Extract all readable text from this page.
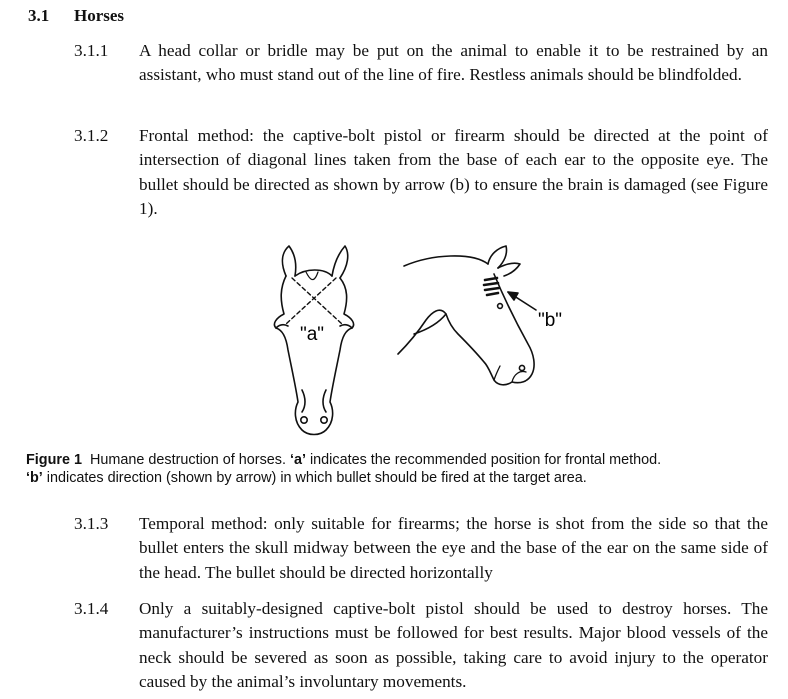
3.1 Horses
3.1.1	A head collar or bridle may be put on the animal to enable it to be restrained by an assistant, who must stand out of the line of fire. Restless animals should be blindfolded.
3.1.2	Frontal method: the captive-bolt pistol or firearm should be directed at the point of intersection of diagonal lines taken from the base of each ear to the opposite eye. The bullet should be directed as shown by arrow (b) to ensure the brain is damaged (see Figure 1).
"a"
"b"
Figure 1 Humane destruction of horses. ‘a’ indicates the recommended position for frontal method.
‘b’ indicates direction (shown by arrow) in which bullet should be fired at the target area.
3.1.3	Temporal method: only suitable for firearms; the horse is shot from the side so that the bullet enters the skull midway between the eye and the base of the ear on the same side of the head. The bullet should be directed horizontally
3.1.4	Only a suitably-designed captive-bolt pistol should be used to destroy horses. The manufacturer’s instructions must be followed for best results. Major blood vessels of the neck should be severed as soon as possible, taking care to avoid injury to the operator caused by the animal’s involuntary movements.
